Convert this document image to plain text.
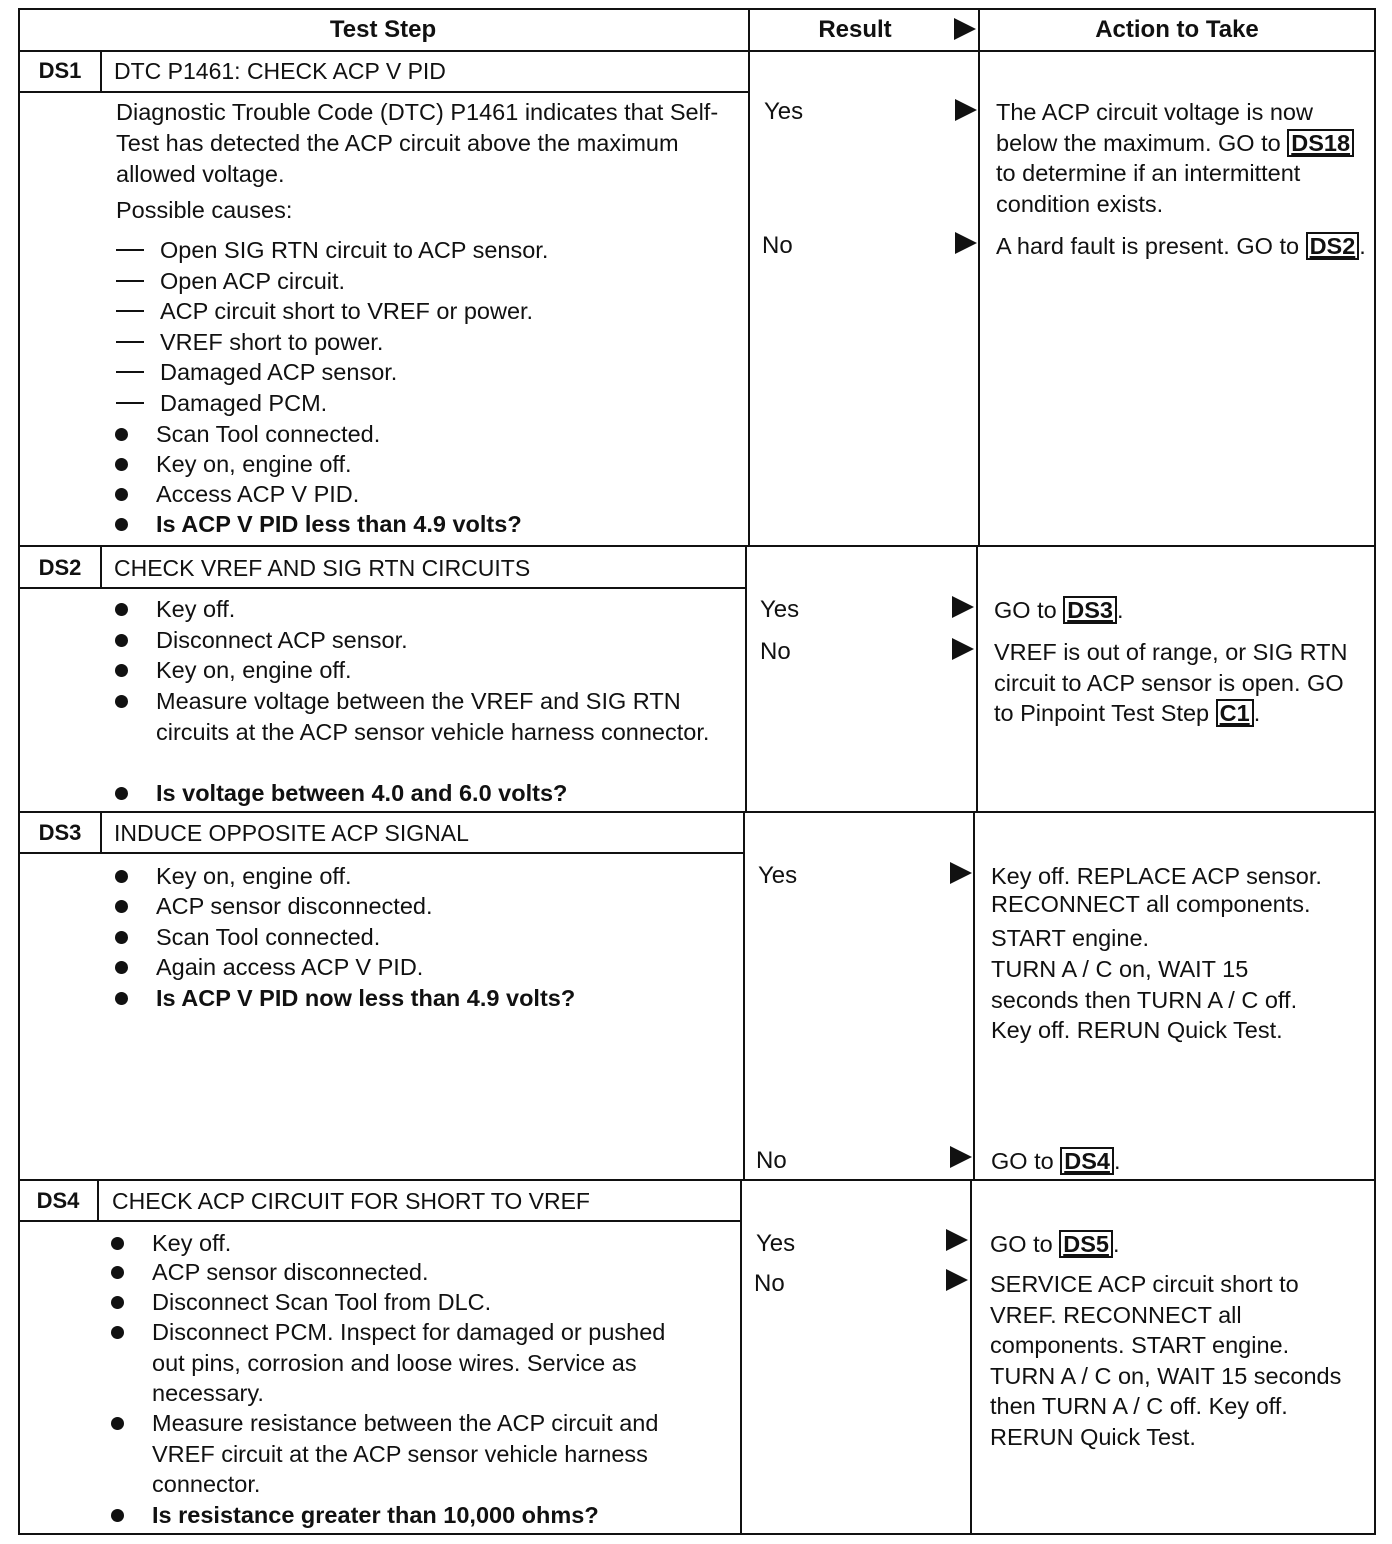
Test Step	Result	Action to Take
DS1	DTC P1461: CHECK ACP V PID
Diagnostic Trouble Code (DTC) P1461 indicates that Self-Test has detected the ACP circuit above the maximum allowed voltage.
Possible causes:
Open SIG RTN circuit to ACP sensor.
Open ACP circuit.
ACP circuit short to VREF or power.
VREF short to power.
Damaged ACP sensor.
Damaged PCM.
Scan Tool connected.
Key on, engine off.
Access ACP V PID.
Is ACP V PID less than 4.9 volts?
Yes	The ACP circuit voltage is now below the maximum. GO to DS18 to determine if an intermittent condition exists.
No	A hard fault is present. GO to DS2 .
DS2	CHECK VREF AND SIG RTN CIRCUITS
Key off.
Disconnect ACP sensor.
Key on, engine off.
Measure voltage between the VREF and SIG RTN circuits at the ACP sensor vehicle harness connector.
Is voltage between 4.0 and 6.0 volts?
Yes	GO to DS3 .
No	VREF is out of range, or SIG RTN circuit to ACP sensor is open. GO to Pinpoint Test Step C1 .
DS3	INDUCE OPPOSITE ACP SIGNAL
Key on, engine off.
ACP sensor disconnected.
Scan Tool connected.
Again access ACP V PID.
Is ACP V PID now less than 4.9 volts?
Yes	Key off. REPLACE ACP sensor.
RECONNECT all components.
START engine.
TURN A / C on, WAIT 15
seconds then TURN A / C off.
Key off. RERUN Quick Test.
No	GO to DS4 .
DS4	CHECK ACP CIRCUIT FOR SHORT TO VREF
Key off.
ACP sensor disconnected.
Disconnect Scan Tool from DLC.
Disconnect PCM. Inspect for damaged or pushed out pins, corrosion and loose wires. Service as necessary.
Measure resistance between the ACP circuit and VREF circuit at the ACP sensor vehicle harness connector.
Is resistance greater than 10,000 ohms?
Yes	GO to DS5 .
No	SERVICE ACP circuit short to VREF. RECONNECT all components. START engine. TURN A / C on, WAIT 15 seconds then TURN A / C off. Key off. RERUN Quick Test.
